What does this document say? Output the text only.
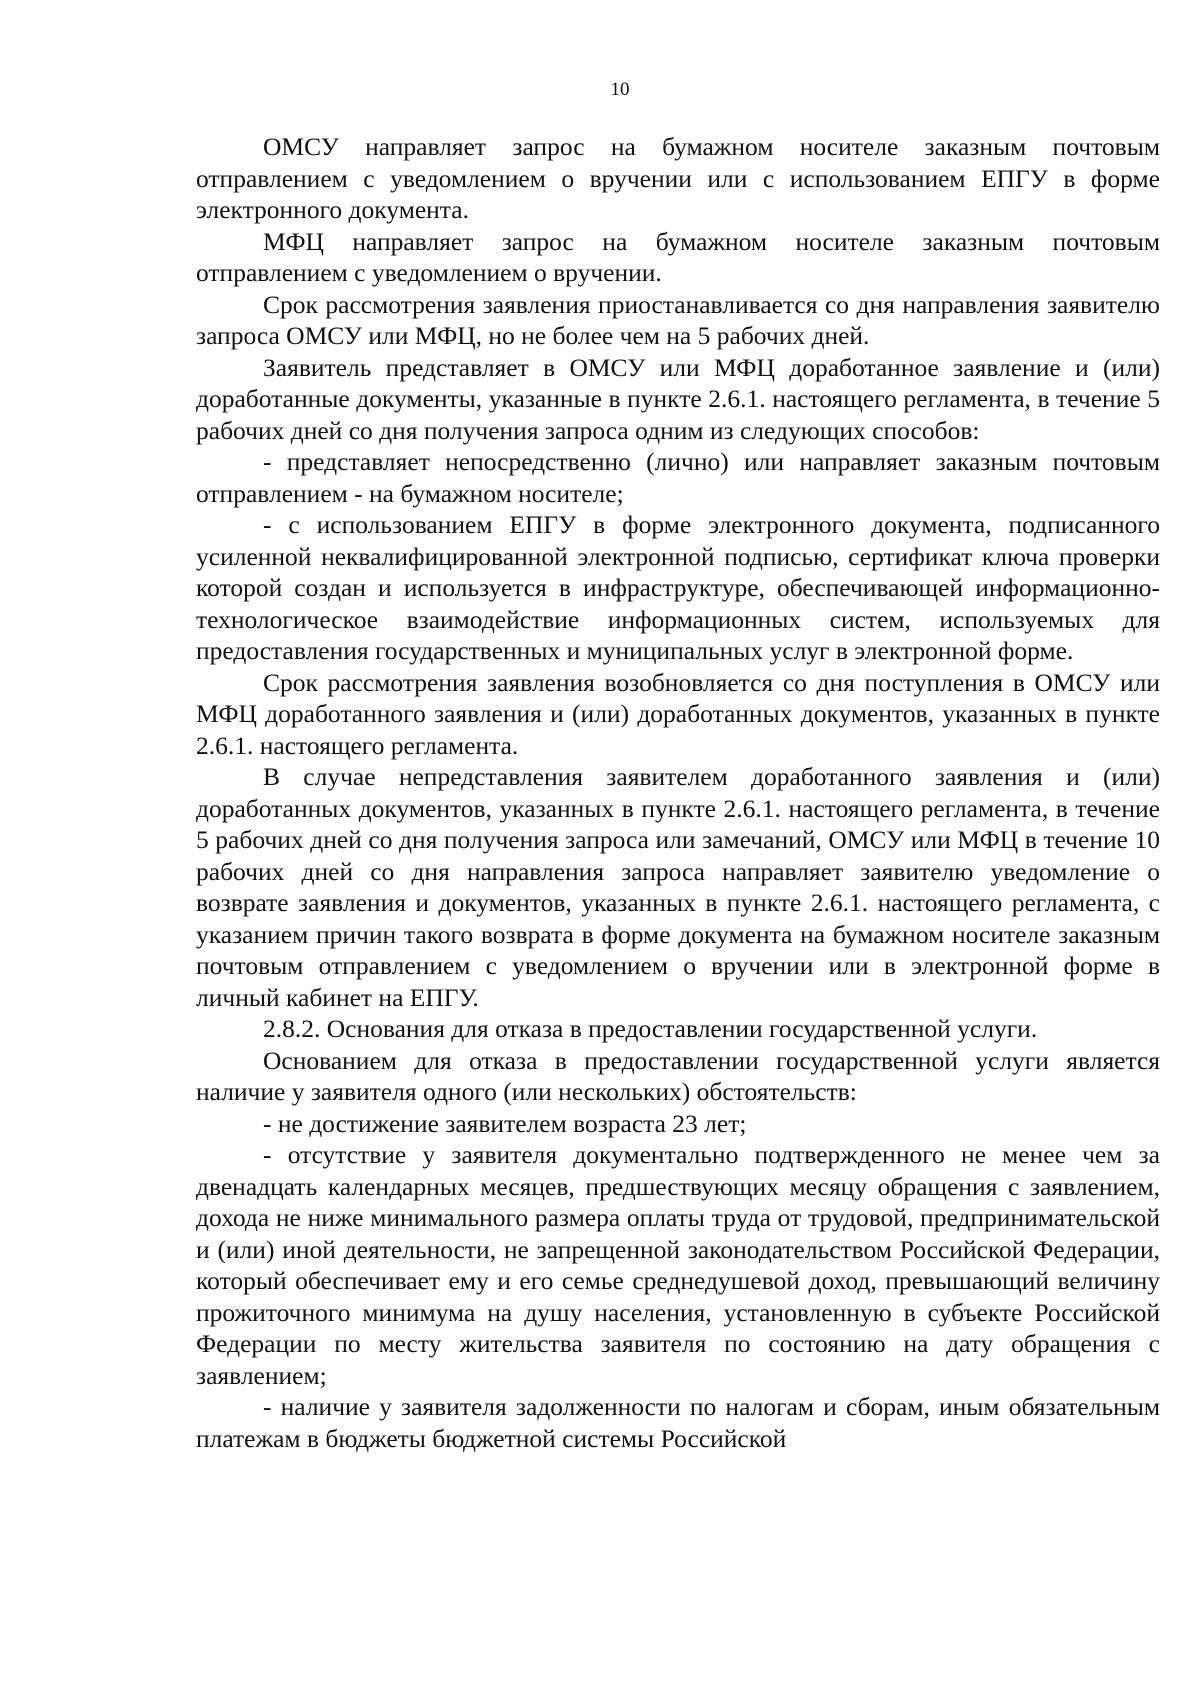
10

ОМСУ направляет запрос на бумажном носителе заказным почтовым отправлением с уведомлением о вручении или с использованием ЕПГУ в форме электронного документа.

МФЦ направляет запрос на бумажном носителе заказным почтовым отправлением с уведомлением о вручении.

Срок рассмотрения заявления приостанавливается со дня направления заявителю запроса ОМСУ или МФЦ, но не более чем на 5 рабочих дней.

Заявитель представляет в ОМСУ или МФЦ доработанное заявление и (или) доработанные документы, указанные в пункте 2.6.1. настоящего регламента, в течение 5 рабочих дней со дня получения запроса одним из следующих способов:

- представляет непосредственно (лично) или направляет заказным почтовым отправлением - на бумажном носителе;

- с использованием ЕПГУ в форме электронного документа, подписанного усиленной неквалифицированной электронной подписью, сертификат ключа проверки которой создан и используется в инфраструктуре, обеспечивающей информационно-технологическое взаимодействие информационных систем, используемых для предоставления государственных и муниципальных услуг в электронной форме.

Срок рассмотрения заявления возобновляется со дня поступления в ОМСУ или МФЦ доработанного заявления и (или) доработанных документов, указанных в пункте 2.6.1. настоящего регламента.

В случае непредставления заявителем доработанного заявления и (или) доработанных документов, указанных в пункте 2.6.1. настоящего регламента, в течение 5 рабочих дней со дня получения запроса или замечаний, ОМСУ или МФЦ в течение 10 рабочих дней со дня направления запроса направляет заявителю уведомление о возврате заявления и документов, указанных в пункте 2.6.1. настоящего регламента, с указанием причин такого возврата в форме документа на бумажном носителе заказным почтовым отправлением с уведомлением о вручении или в электронной форме в личный кабинет на ЕПГУ.

2.8.2. Основания для отказа в предоставлении государственной услуги.

Основанием для отказа в предоставлении государственной услуги является наличие у заявителя одного (или нескольких) обстоятельств:

- не достижение заявителем возраста 23 лет;

- отсутствие у заявителя документально подтвержденного не менее чем за двенадцать календарных месяцев, предшествующих месяцу обращения с заявлением, дохода не ниже минимального размера оплаты труда от трудовой, предпринимательской и (или) иной деятельности, не запрещенной законодательством Российской Федерации, который обеспечивает ему и его семье среднедушевой доход, превышающий величину прожиточного минимума на душу населения, установленную в субъекте Российской Федерации по месту жительства заявителя по состоянию на дату обращения с заявлением;

- наличие у заявителя задолженности по налогам и сборам, иным обязательным платежам в бюджеты бюджетной системы Российской
